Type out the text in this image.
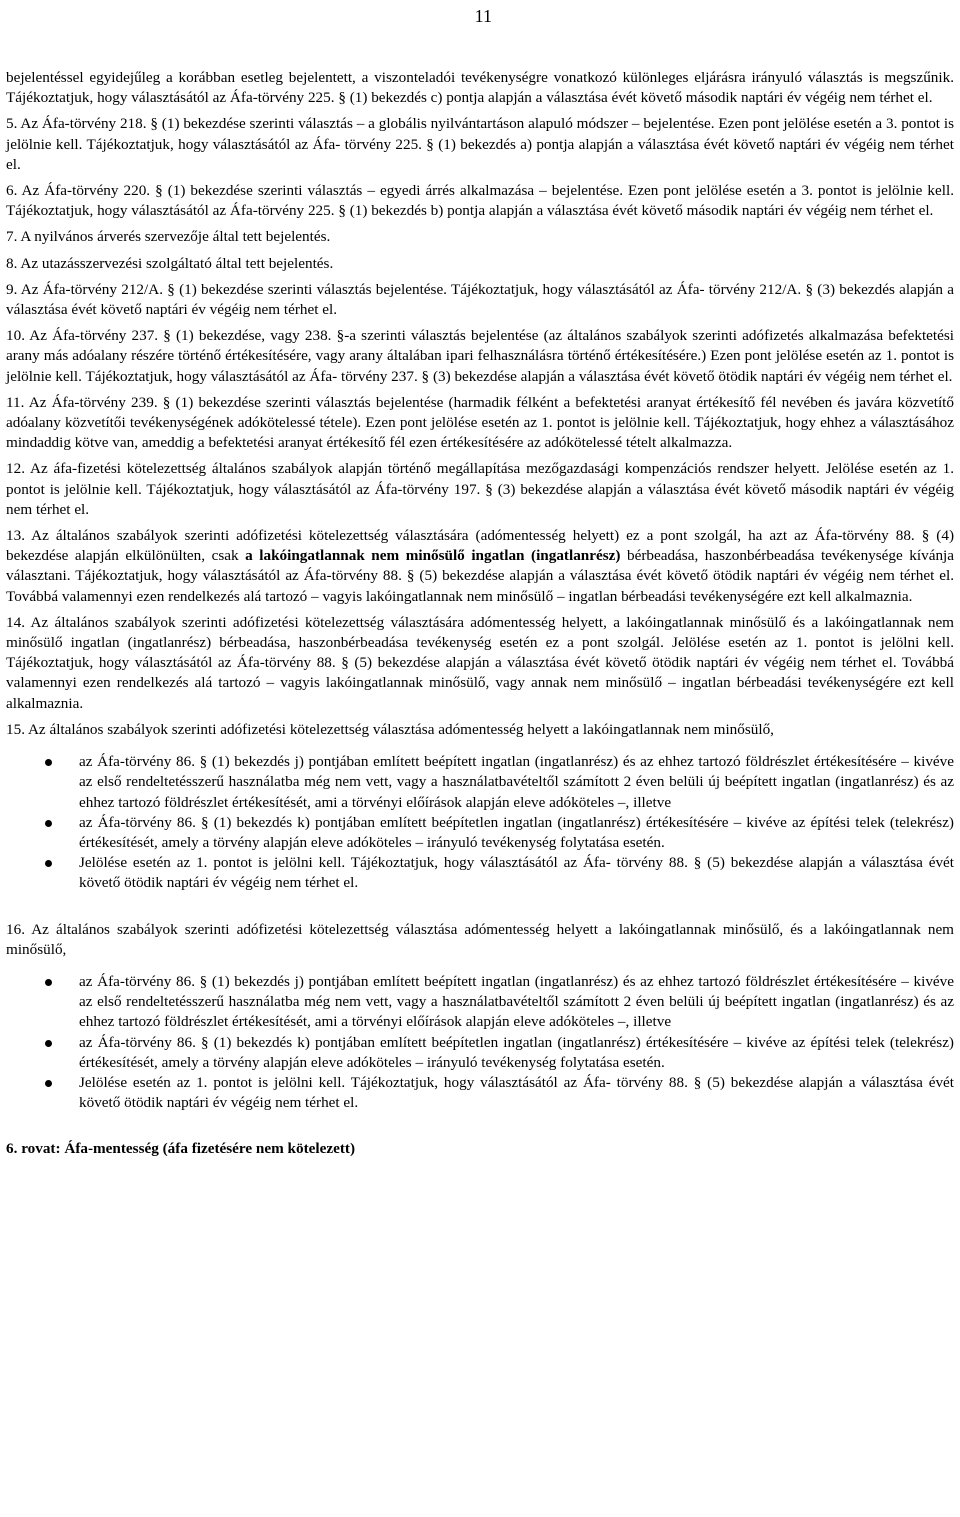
11

bejelentéssel egyidejűleg a korábban esetleg bejelentett, a viszonteladói tevékenységre vonatkozó különleges eljárásra irányuló választás is megszűnik. Tájékoztatjuk, hogy választásától az Áfa-törvény 225. § (1) bekezdés c) pontja alapján a választása évét követő második naptári év végéig nem térhet el.

5. Az Áfa-törvény 218. § (1) bekezdése szerinti választás – a globális nyilvántartáson alapuló módszer – bejelentése. Ezen pont jelölése esetén a 3. pontot is jelölnie kell. Tájékoztatjuk, hogy választásától az Áfa- törvény 225. § (1) bekezdés a) pontja alapján a választása évét követő naptári év végéig nem térhet el.

6. Az Áfa-törvény 220. § (1) bekezdése szerinti választás – egyedi árrés alkalmazása – bejelentése. Ezen pont jelölése esetén a 3. pontot is jelölnie kell. Tájékoztatjuk, hogy választásától az Áfa-törvény 225. § (1) bekezdés b) pontja alapján a választása évét követő második naptári év végéig nem térhet el.

7. A nyilvános árverés szervezője által tett bejelentés.

8. Az utazásszervezési szolgáltató által tett bejelentés.

9. Az Áfa-törvény 212/A. § (1) bekezdése szerinti választás bejelentése. Tájékoztatjuk, hogy választásától az Áfa- törvény 212/A. § (3) bekezdés alapján a választása évét követő naptári év végéig nem térhet el.

10. Az Áfa-törvény 237. § (1) bekezdése, vagy 238. §-a szerinti választás bejelentése (az általános szabályok szerinti adófizetés alkalmazása befektetési arany más adóalany részére történő értékesítésére, vagy arany általában ipari felhasználásra történő értékesítésére.) Ezen pont jelölése esetén az 1. pontot is jelölnie kell. Tájékoztatjuk, hogy választásától az Áfa- törvény 237. § (3) bekezdése alapján a választása évét követő ötödik naptári év végéig nem térhet el.

11. Az Áfa-törvény 239. § (1) bekezdése szerinti választás bejelentése (harmadik félként a befektetési aranyat értékesítő fél nevében és javára közvetítő adóalany közvetítői tevékenységének adókötelessé tétele). Ezen pont jelölése esetén az 1. pontot is jelölnie kell. Tájékoztatjuk, hogy ehhez a választásához mindaddig kötve van, ameddig a befektetési aranyat értékesítő fél ezen értékesítésére az adókötelessé tételt alkalmazza.

12. Az áfa-fizetési kötelezettség általános szabályok alapján történő megállapítása mezőgazdasági kompenzációs rendszer helyett. Jelölése esetén az 1. pontot is jelölnie kell. Tájékoztatjuk, hogy választásától az Áfa-törvény 197. § (3) bekezdése alapján a választása évét követő második naptári év végéig nem térhet el.

13. Az általános szabályok szerinti adófizetési kötelezettség választására (adómentesség helyett) ez a pont szolgál, ha azt az Áfa-törvény 88. § (4) bekezdése alapján elkülönülten, csak a lakóingatlannak nem minősülő ingatlan (ingatlanrész) bérbeadása, haszonbérbeadása tevékenysége kívánja választani. Tájékoztatjuk, hogy választásától az Áfa-törvény 88. § (5) bekezdése alapján a választása évét követő ötödik naptári év végéig nem térhet el. Továbbá valamennyi ezen rendelkezés alá tartozó – vagyis lakóingatlannak nem minősülő – ingatlan bérbeadási tevékenységére ezt kell alkalmaznia.

14. Az általános szabályok szerinti adófizetési kötelezettség választására adómentesség helyett, a lakóingatlannak minősülő és a lakóingatlannak nem minősülő ingatlan (ingatlanrész) bérbeadása, haszonbérbeadása tevékenység esetén ez a pont szolgál. Jelölése esetén az 1. pontot is jelölni kell. Tájékoztatjuk, hogy választásától az Áfa-törvény 88. § (5) bekezdése alapján a választása évét követő ötödik naptári év végéig nem térhet el. Továbbá valamennyi ezen rendelkezés alá tartozó – vagyis lakóingatlannak minősülő, vagy annak nem minősülő – ingatlan bérbeadási tevékenységére ezt kell alkalmaznia.

15. Az általános szabályok szerinti adófizetési kötelezettség választása adómentesség helyett a lakóingatlannak nem minősülő,

az Áfa-törvény 86. § (1) bekezdés j) pontjában említett beépített ingatlan (ingatlanrész) és az ehhez tartozó földrészlet értékesítésére – kivéve az első rendeltetésszerű használatba még nem vett, vagy a használatbavételtől számított 2 éven belüli új beépített ingatlan (ingatlanrész) és az ehhez tartozó földrészlet értékesítését, ami a törvényi előírások alapján eleve adóköteles –, illetve
az Áfa-törvény 86. § (1) bekezdés k) pontjában említett beépítetlen ingatlan (ingatlanrész) értékesítésére – kivéve az építési telek (telekrész) értékesítését, amely a törvény alapján eleve adóköteles – irányuló tevékenység folytatása esetén.
Jelölése esetén az 1. pontot is jelölni kell. Tájékoztatjuk, hogy választásától az Áfa- törvény 88. § (5) bekezdése alapján a választása évét követő ötödik naptári év végéig nem térhet el.

16. Az általános szabályok szerinti adófizetési kötelezettség választása adómentesség helyett a lakóingatlannak minősülő, és a lakóingatlannak nem minősülő,

az Áfa-törvény 86. § (1) bekezdés j) pontjában említett beépített ingatlan (ingatlanrész) és az ehhez tartozó földrészlet értékesítésére – kivéve az első rendeltetésszerű használatba még nem vett, vagy a használatbavételtől számított 2 éven belüli új beépített ingatlan (ingatlanrész) és az ehhez tartozó földrészlet értékesítését, ami a törvényi előírások alapján eleve adóköteles –, illetve
az Áfa-törvény 86. § (1) bekezdés k) pontjában említett beépítetlen ingatlan (ingatlanrész) értékesítésére – kivéve az építési telek (telekrész) értékesítését, amely a törvény alapján eleve adóköteles – irányuló tevékenység folytatása esetén.
Jelölése esetén az 1. pontot is jelölni kell. Tájékoztatjuk, hogy választásától az Áfa- törvény 88. § (5) bekezdése alapján a választása évét követő ötödik naptári év végéig nem térhet el.

6. rovat: Áfa-mentesség (áfa fizetésére nem kötelezett)
